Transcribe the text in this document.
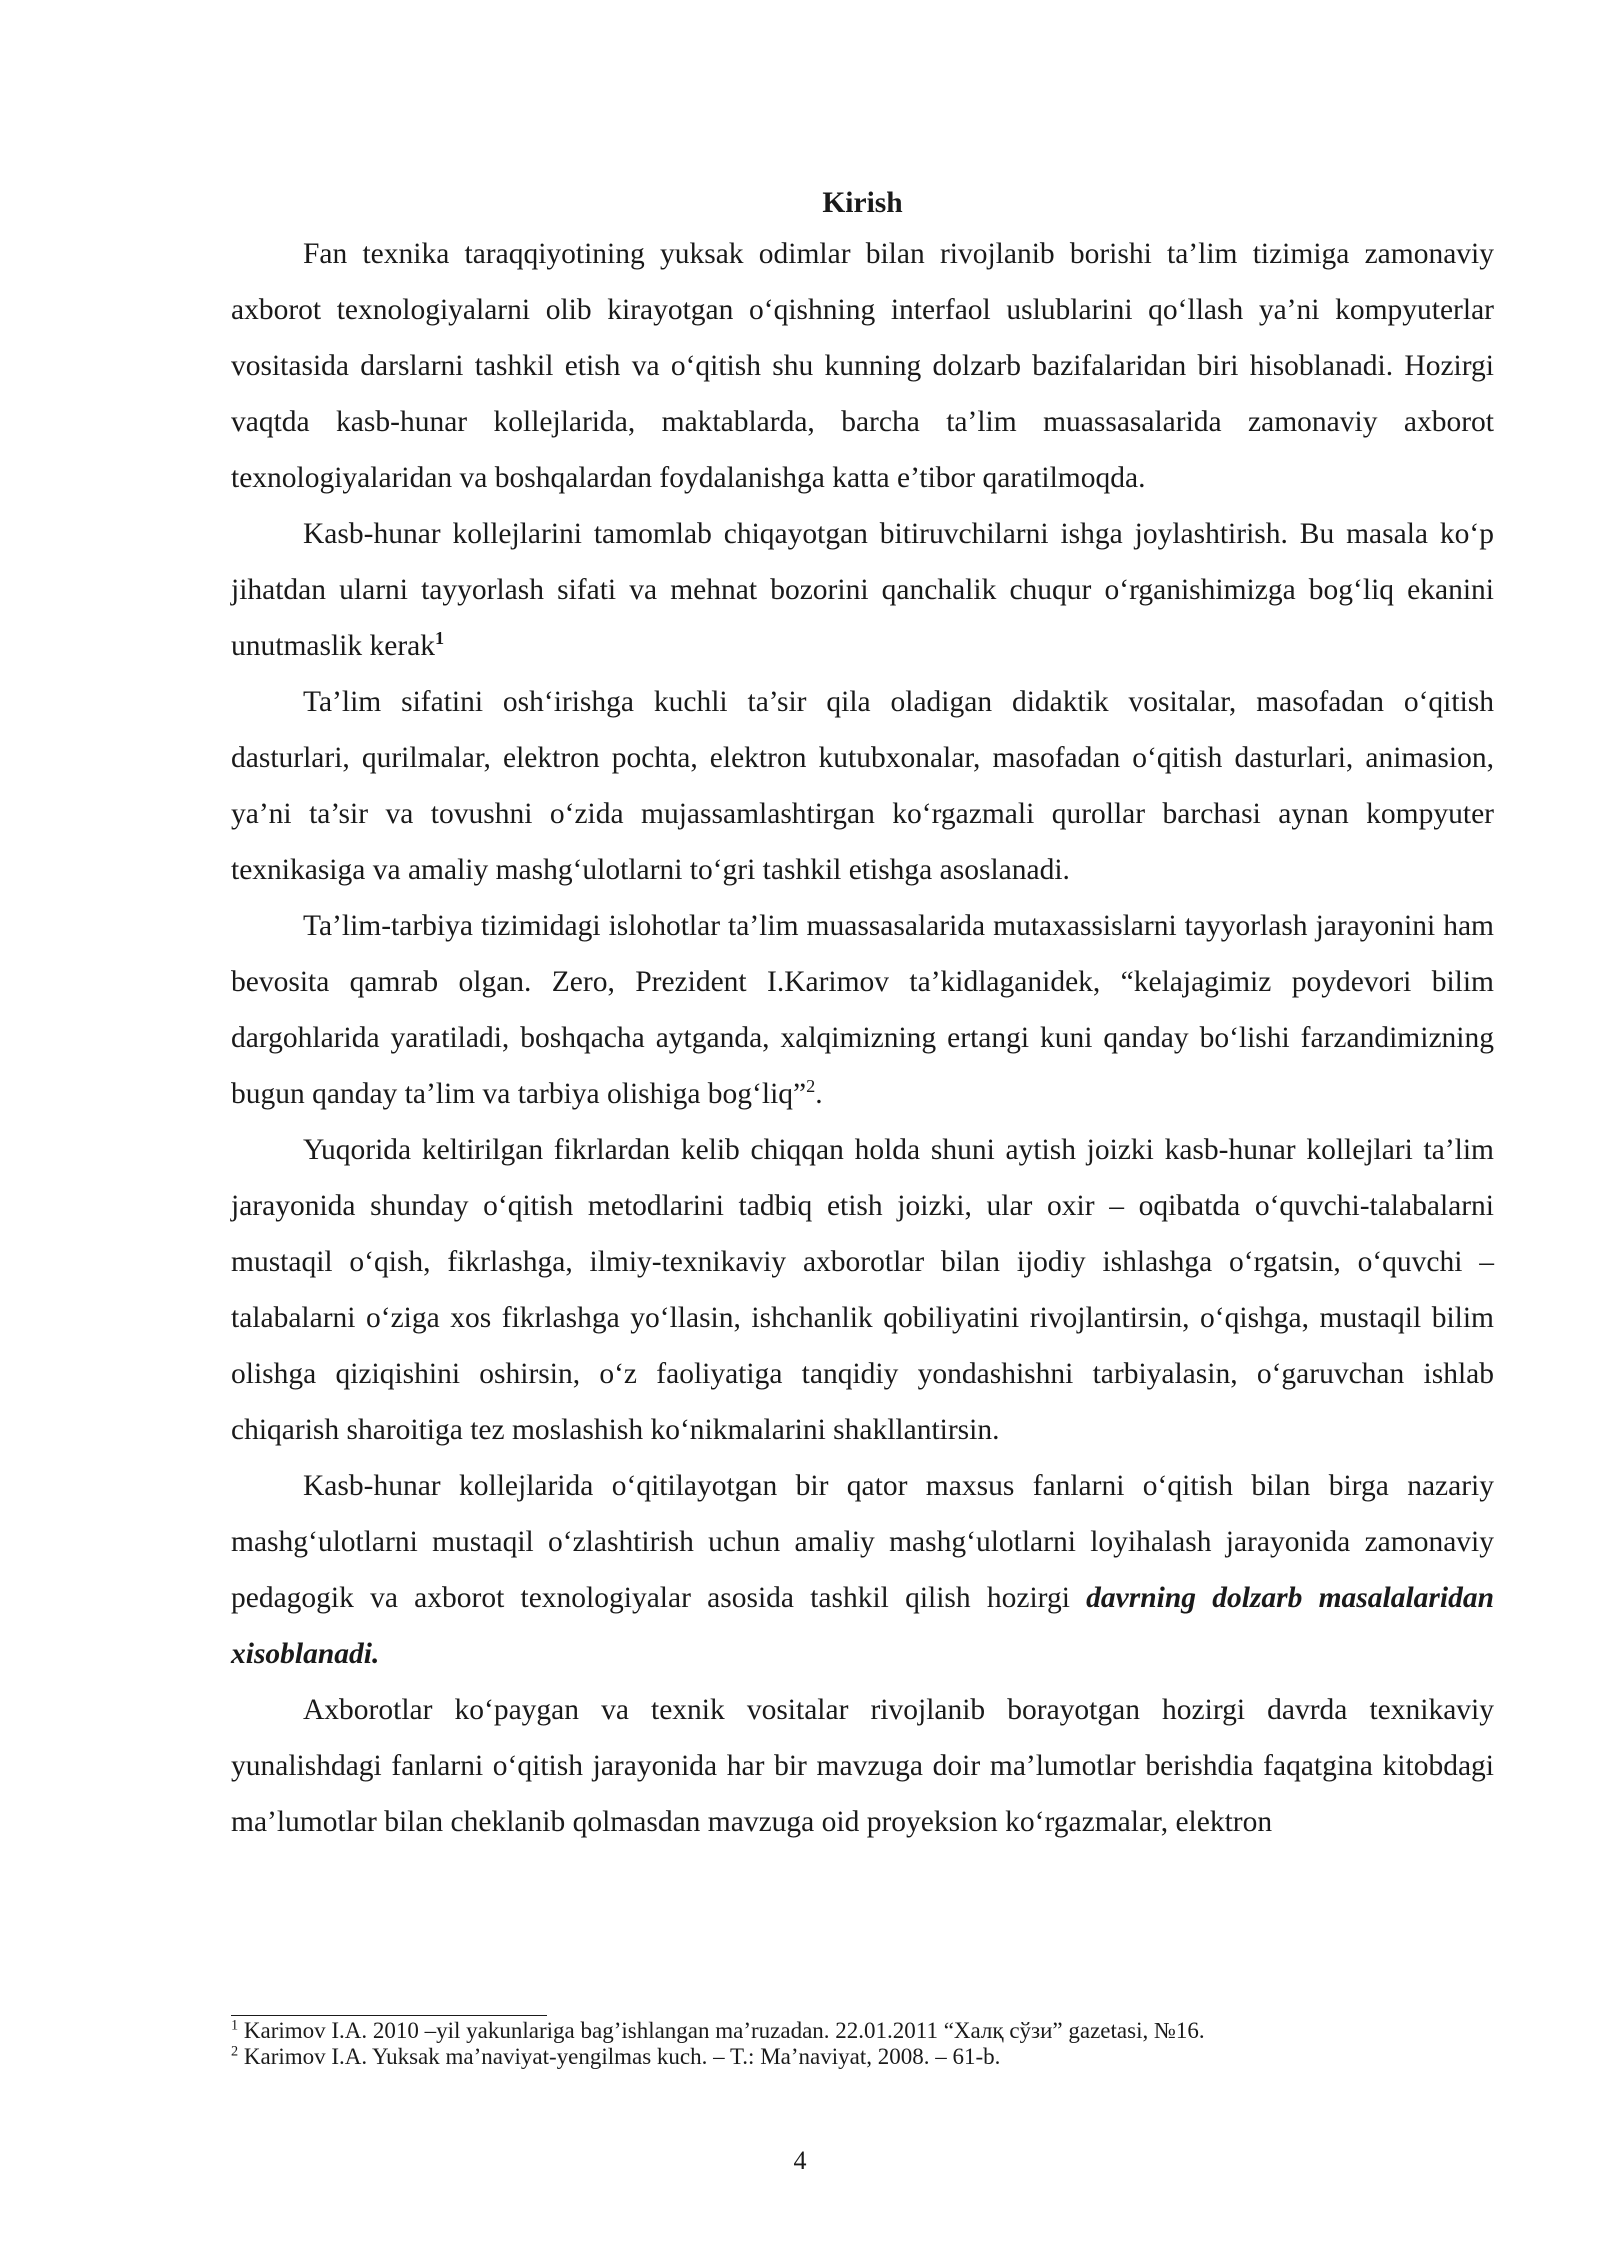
Kirish

Fan texnika taraqqiyotining yuksak odimlar bilan rivojlanib borishi ta’lim tizimiga zamonaviy axborot texnologiyalarni olib kirayotgan o‘qishning interfaol uslublarini qo‘llash ya’ni kompyuterlar vositasida darslarni tashkil etish va o‘qitish shu kunning dolzarb bazifalaridan biri hisoblanadi. Hozirgi vaqtda kasb-hunar kollejlarida, maktablarda, barcha ta’lim muassasalarida zamonaviy axborot texnologiyalaridan va boshqalardan foydalanishga katta e’tibor qaratilmoqda.

Kasb-hunar kollejlarini tamomlab chiqayotgan bitiruvchilarni ishga joylashtirish. Bu masala ko‘p jihatdan ularni tayyorlash sifati va mehnat bozorini qanchalik chuqur o‘rganishimizga bog‘liq ekanini unutmaslik kerak$^1$

Ta’lim sifatini osh‘irishga kuchli ta’sir qila oladigan didaktik vositalar, masofadan o‘qitish dasturlari, qurilmalar, elektron pochta, elektron kutubxonalar, masofadan o‘qitish dasturlari, animasion, ya’ni ta’sir va tovushni o‘zida mujassamlashtirgan ko‘rgazmali qurollar barchasi aynan kompyuter texnikasiga va amaliy mashg‘ulotlarni to‘gri tashkil etishga asoslanadi.

Ta’lim-tarbiya tizimidagi islohotlar ta’lim muassasalarida mutaxassislarni tayyorlash jarayonini ham bevosita qamrab olgan. Zero, Prezident I.Karimov ta’kidlaganidek, “kelajagimiz poydevori bilim dargohlarida yaratiladi, boshqacha aytganda, xalqimizning ertangi kuni qanday bo‘lishi farzandimizning bugun qanday ta’lim va tarbiya olishiga bog‘liq”$^2$.

Yuqorida keltirilgan fikrlardan kelib chiqqan holda shuni aytish joizki kasb-hunar kollejlari ta’lim jarayonida shunday o‘qitish metodlarini tadbiq etish joizki, ular oxir – oqibatda o‘quvchi-talabalarni mustaqil o‘qish, fikrlashga, ilmiy-texnikaviy axborotlar bilan ijodiy ishlashga o‘rgatsin, o‘quvchi – talabalarni o‘ziga xos fikrlashga yo‘llasin, ishchanlik qobiliyatini rivojlantirsin, o‘qishga, mustaqil bilim olishga qiziqishini oshirsin, o‘z faoliyatiga tanqidiy yondashishni tarbiyalasin, o‘garuvchan ishlab chiqarish sharoitiga tez moslashish ko‘nikmalarini shakllantirsin.

Kasb-hunar kollejlarida o‘qitilayotgan bir qator maxsus fanlarni o‘qitish bilan birga nazariy mashg‘ulotlarni mustaqil o‘zlashtirish uchun amaliy mashg‘ulotlarni loyihalash jarayonida zamonaviy pedagogik va axborot texnologiyalar asosida tashkil qilish hozirgi davrning dolzarb masalalaridan xisoblanadi.

Axborotlar ko‘paygan va texnik vositalar rivojlanib borayotgan hozirgi davrda texnikaviy yunalishdagi fanlarni o‘qitish jarayonida har bir mavzuga doir ma’lumotlar berishdia faqatgina kitobdagi ma’lumotlar bilan cheklanib qolmasdan mavzuga oid proyeksion ko‘rgazmalar, elektron

$^1$ Karimov I.A. 2010 –yil yakunlariga bag’ishlangan ma’ruzadan. 22.01.2011 “Халқ сўзи” gazetasi, №16.

$^2$ Karimov I.A. Yuksak ma’naviyat-yengilmas kuch. – T.: Ma’naviyat, 2008. – 61-b.

4
